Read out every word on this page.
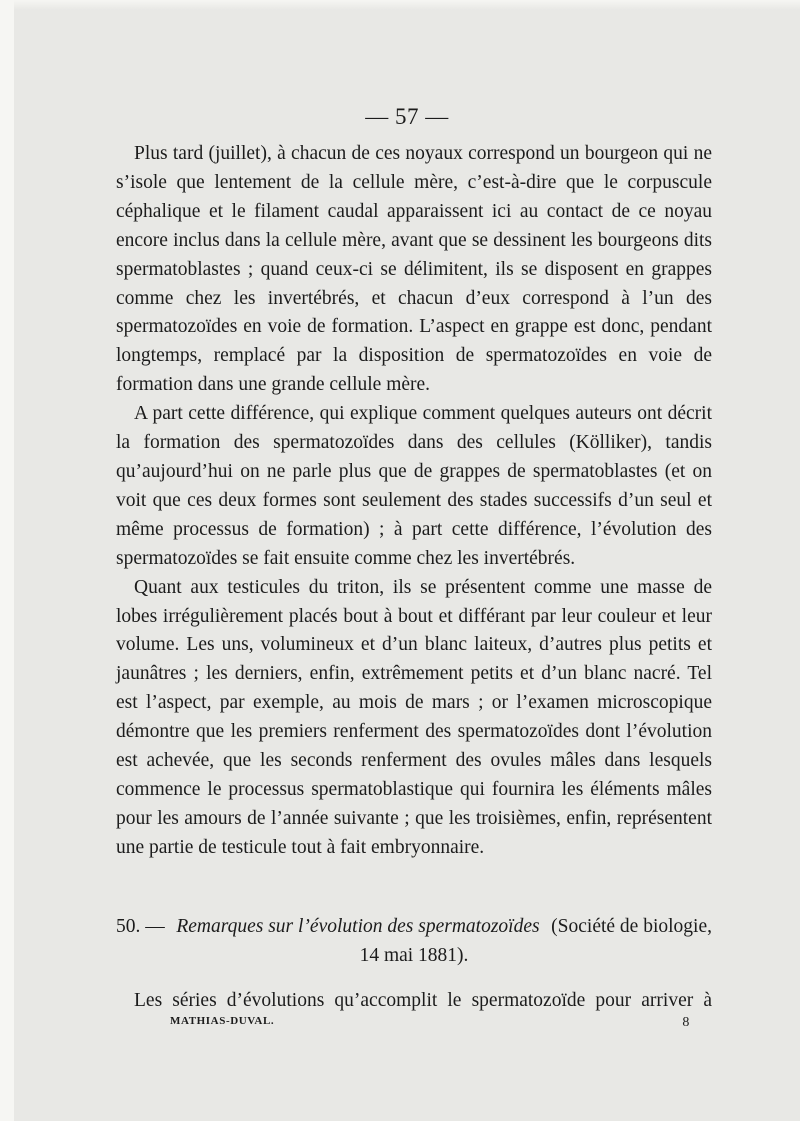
— 57 —

Plus tard (juillet), à chacun de ces noyaux correspond un bourgeon qui ne s’isole que lentement de la cellule mère, c’est-à-dire que le corpuscule céphalique et le filament caudal apparaissent ici au contact de ce noyau encore inclus dans la cellule mère, avant que se dessinent les bourgeons dits spermatoblastes ; quand ceux-ci se délimitent, ils se disposent en grappes comme chez les invertébrés, et chacun d’eux correspond à l’un des spermatozoïdes en voie de formation. L’aspect en grappe est donc, pendant longtemps, remplacé par la disposition de spermatozoïdes en voie de formation dans une grande cellule mère.

A part cette différence, qui explique comment quelques auteurs ont décrit la formation des spermatozoïdes dans des cellules (Kölliker), tandis qu’aujourd’hui on ne parle plus que de grappes de spermatoblastes (et on voit que ces deux formes sont seulement des stades successifs d’un seul et même processus de formation) ; à part cette différence, l’évolution des spermatozoïdes se fait ensuite comme chez les invertébrés.

Quant aux testicules du triton, ils se présentent comme une masse de lobes irrégulièrement placés bout à bout et différant par leur couleur et leur volume. Les uns, volumineux et d’un blanc laiteux, d’autres plus petits et jaunâtres ; les derniers, enfin, extrêmement petits et d’un blanc nacré. Tel est l’aspect, par exemple, au mois de mars ; or l’examen microscopique démontre que les premiers renferment des spermatozoïdes dont l’évolution est achevée, que les seconds renferment des ovules mâles dans lesquels commence le processus spermatoblastique qui fournira les éléments mâles pour les amours de l’année suivante ; que les troisièmes, enfin, représentent une partie de testicule tout à fait embryonnaire.

50. — Remarques sur l’évolution des spermatozoïdes (Société de biologie,
14 mai 1881).
Les séries d’évolutions qu’accomplit le spermatozoïde pour arriver à
MATHIAS-DUVAL.	8
